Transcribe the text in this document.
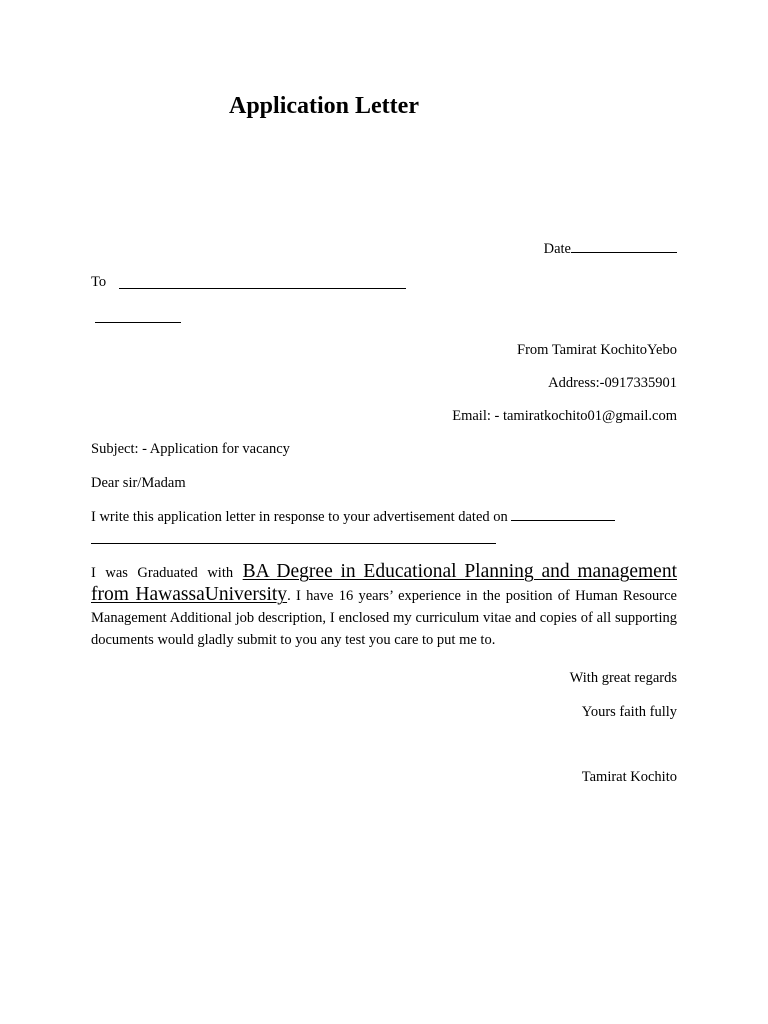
Application Letter
Date
To
From Tamirat KochitoYebo
Address:-0917335901
Email: - tamiratkochito01@gmail.com
Subject: - Application for vacancy
Dear sir/Madam
I write this application letter in response to your advertisement dated on
I was Graduated with BA Degree in Educational Planning and management from HawassaUniversity. I have 16 years’ experience in the position of Human Resource Management Additional job description, I enclosed my curriculum vitae and copies of all supporting documents would gladly submit to you any test you care to put me to.
With great regards
Yours faith fully
Tamirat Kochito
